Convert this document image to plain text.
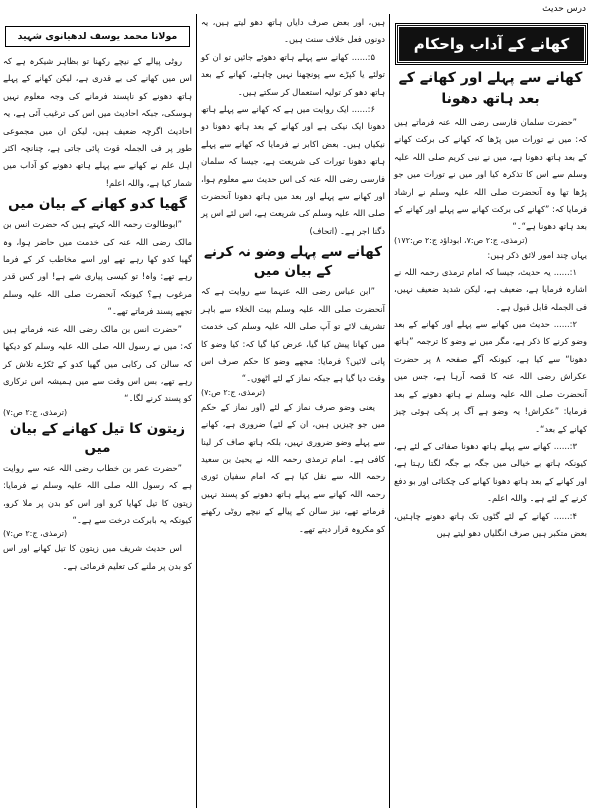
درس حدیث
کھانے کے آداب واحکام
کھانے سے پہلے اور کھانے کے بعد ہاتھ دھونا

”حضرت سلمان فارسی رضی اللہ عنہ فرماتے ہیں کہ: میں نے تورات میں پڑھا کہ کھانے کی برکت کھانے کے بعد ہاتھ دھونا ہے، میں نے نبی کریم صلی اللہ علیہ وسلم سے اس کا تذکرہ کیا اور میں نے تورات میں جو پڑھا تھا وہ آنحضرت صلی اللہ علیہ وسلم نے ارشاد فرمایا کہ: ”کھانے کی برکت کھانے سے پہلے اور کھانے کے بعد ہاتھ دھونا ہے“۔“

(ترمذی، ج:۲ ص:۷، ابوداؤد ج:۲ ص:۱۷۲)

یہاں چند امور لائق ذکر ہیں:

۱:...... یہ حدیث، جیسا کہ امام ترمذی رحمہ اللہ نے اشارہ فرمایا ہے، ضعیف ہے، لیکن شدید ضعیف نہیں، فی الجملہ قابل قبول ہے۔

۲:...... حدیث میں کھانے سے پہلے اور کھانے کے بعد وضو کرنے کا ذکر ہے، مگر میں نے وضو کا ترجمہ ”ہاتھ دھونا“ سے کیا ہے، کیونکہ آگے صفحہ ۸ پر حضرت عکراش رضی اللہ عنہ کا قصہ آرہا ہے، جس میں آنحضرت صلی اللہ علیہ وسلم نے ہاتھ دھونے کے بعد فرمایا: ”عکراش! یہ وضو ہے آگ پر پکی ہوئی چیز کھانے کے بعد“۔

۳:...... کھانے سے پہلے ہاتھ دھونا صفائی کے لئے ہے، کیونکہ ہاتھ بے خیالی میں جگہ بے جگہ لگتا رہتا ہے، اور کھانے کے بعد ہاتھ دھونا کھانے کی چکنائی اور بو دفع کرنے کے لئے ہے۔ واللہ اعلم۔

۴:...... کھانے کے لئے گٹوں تک ہاتھ دھونے چاہئیں، بعض متکبر ہیں صرف انگلیاں دھو لیتے ہیں

ہیں، اور بعض صرف دایاں ہاتھ دھو لیتے ہیں، یہ دونوں فعل خلاف سنت ہیں۔

۵:...... کھانے سے پہلے ہاتھ دھوئے جائیں تو ان کو تولئے یا کپڑے سے پونچھنا نہیں چاہئے، کھانے کے بعد ہاتھ دھو کر تولیہ استعمال کر سکتے ہیں۔

۶:...... ایک روایت میں ہے کہ کھانے سے پہلے ہاتھ دھونا ایک نیکی ہے اور کھانے کے بعد ہاتھ دھونا دو نیکیاں ہیں۔ بعض اکابر نے فرمایا کہ کھانے سے پہلے ہاتھ دھونا تورات کی شریعت ہے، جیسا کہ سلمان فارسی رضی اللہ عنہ کی اس حدیث سے معلوم ہوا، اور کھانے سے پہلے اور بعد میں ہاتھ دھونا آنحضرت صلی اللہ علیہ وسلم کی شریعت ہے، اس لئے اس پر دگنا اجر ہے۔ (اتحاف)

کھانے سے پہلے وضو نہ کرنے کے بیان میں

”ابن عباس رضی اللہ عنہما سے روایت ہے کہ آنحضرت صلی اللہ علیہ وسلم بیت الخلاء سے باہر تشریف لائے تو آپ صلی اللہ علیہ وسلم کی خدمت میں کھانا پیش کیا گیا، عرض کیا گیا کہ: کیا وضو کا پانی لائیں؟ فرمایا: مجھے وضو کا حکم صرف اس وقت دیا گیا ہے جبکہ نماز کے لئے اٹھوں۔“

(ترمذی، ج:۲ ص:۷)

یعنی وضو صرف نماز کے لئے (اور نماز کے حکم میں جو چیزیں ہیں، ان کے لئے) ضروری ہے، کھانے سے پہلے وضو ضروری نہیں، بلکہ ہاتھ صاف کر لینا کافی ہے۔ امام ترمذی رحمہ اللہ نے یحییٰ بن سعید رحمہ اللہ سے نقل کیا ہے کہ امام سفیان ثوری رحمہ اللہ کھانے سے پہلے ہاتھ دھونے کو پسند نہیں فرماتے تھے، نیز سالن کے پیالے کے نیچے روٹی رکھنے کو مکروہ قرار دیتے تھے۔

مولانا محمد یوسف لدھیانوی شہید

روٹی پیالے کے نیچے رکھنا تو بظاہر شیکرہ ہے کہ اس میں کھانے کی بے قدری ہے، لیکن کھانے کے پہلے ہاتھ دھونے کو ناپسند فرمانے کی وجہ معلوم نہیں ہوسکی، جبکہ احادیث میں اس کی ترغیب آئی ہے، یہ احادیث اگرچہ ضعیف ہیں، لیکن ان میں مجموعی طور پر فی الجملہ قوت پائی جاتی ہے، چنانچہ اکثر اہل علم نے کھانے سے پہلے ہاتھ دھونے کو آداب میں شمار کیا ہے، واللہ اعلم!

گھیا کدو کھانے کے بیان میں

”ابوطالوت رحمہ اللہ کہتے ہیں کہ حضرت انس بن مالک رضی اللہ عنہ کی خدمت میں حاضر ہوا، وہ گھیا کدو کھا رہے تھے اور اسے مخاطب کر کے فرما رہے تھے: واہ! تو کیسی پیاری شے ہے! اور کس قدر مرغوب ہے؟ کیونکہ آنحضرت صلی اللہ علیہ وسلم تجھے پسند فرماتے تھے۔“

”حضرت انس بن مالک رضی اللہ عنہ فرماتے ہیں کہ: میں نے رسول اللہ صلی اللہ علیہ وسلم کو دیکھا کہ سالن کی رکابی میں گھیا کدو کے ٹکڑے تلاش کر رہے تھے، بس اس وقت سے میں ہمیشہ اس ترکاری کو پسند کرنے لگا۔“

(ترمذی، ج:۲ ص:۷)

زیتون کا تیل کھانے کے بیان میں

”حضرت عمر بن خطاب رضی اللہ عنہ سے روایت ہے کہ رسول اللہ صلی اللہ علیہ وسلم نے فرمایا: زیتون کا تیل کھایا کرو اور اس کو بدن پر ملا کرو، کیونکہ یہ بابرکت درخت سے ہے۔“

(ترمذی، ج:۲ ص:۷)

اس حدیث شریف میں زیتون کا تیل کھانے اور اس کو بدن پر ملنے کی تعلیم فرمائی ہے۔
